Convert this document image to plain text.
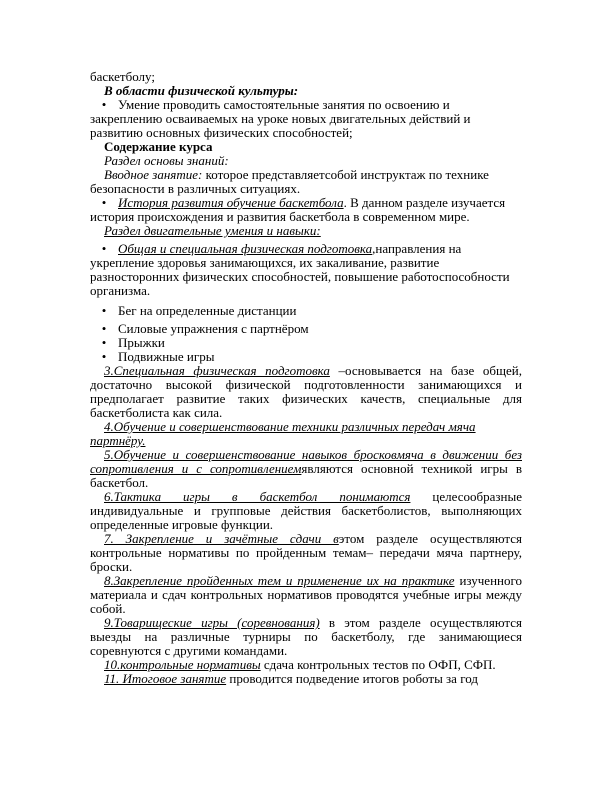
баскетболу;

В области физической культуры:

• Умение проводить самостоятельные занятия по освоению и закреплению осваиваемых на уроке новых двигательных действий и развитию основных физических способностей;

Содержание курса

Раздел основы знаний:

Вводное занятие: которое представляетсобой инструктаж по технике безопасности в различных ситуациях.

• История развития обучение баскетбола. В данном разделе изучается история происхождения и развития баскетбола в современном мире.

Раздел двигательные умения и навыки:

• Общая и специальная физическая подготовка,направления на укрепление здоровья занимающихся, их закаливание, развитие разносторонних физических способностей, повышение работоспособности организма.

• Бег на определенные дистанции

• Силовые упражнения с партнёром

• Прыжки

• Подвижные игры

3.Специальная физическая подготовка –основывается на базе общей, достаточно высокой физической подготовленности занимающихся и предполагает развитие таких физических качеств, специальные для баскетболиста как сила.

4.Обучение и совершенствование техники различных передач мяча партнёру.

5.Обучение и совершенствование навыков бросковмяча в движении без сопротивления и с сопротивлениемявляются основной техникой игры в баскетбол.

6.Тактика игры в баскетбол понимаются целесообразные индивидуальные и групповые действия баскетболистов, выполняющих определенные игровые функции.

7. Закрепление и зачётные сдачи вэтом разделе осуществляются контрольные нормативы по пройденным темам– передачи мяча партнеру, броски.

8.Закрепление пройденных тем и применение их на практике изученного материала и сдач контрольных нормативов проводятся учебные игры между собой.

9.Товарищеские игры (соревнования) в этом разделе осуществляются выезды на различные турниры по баскетболу, где занимающиеся соревнуются с другими командами.

10.контрольные нормативы сдача контрольных тестов по ОФП, СФП.

11. Итоговое занятие проводится подведение итогов роботы за год
